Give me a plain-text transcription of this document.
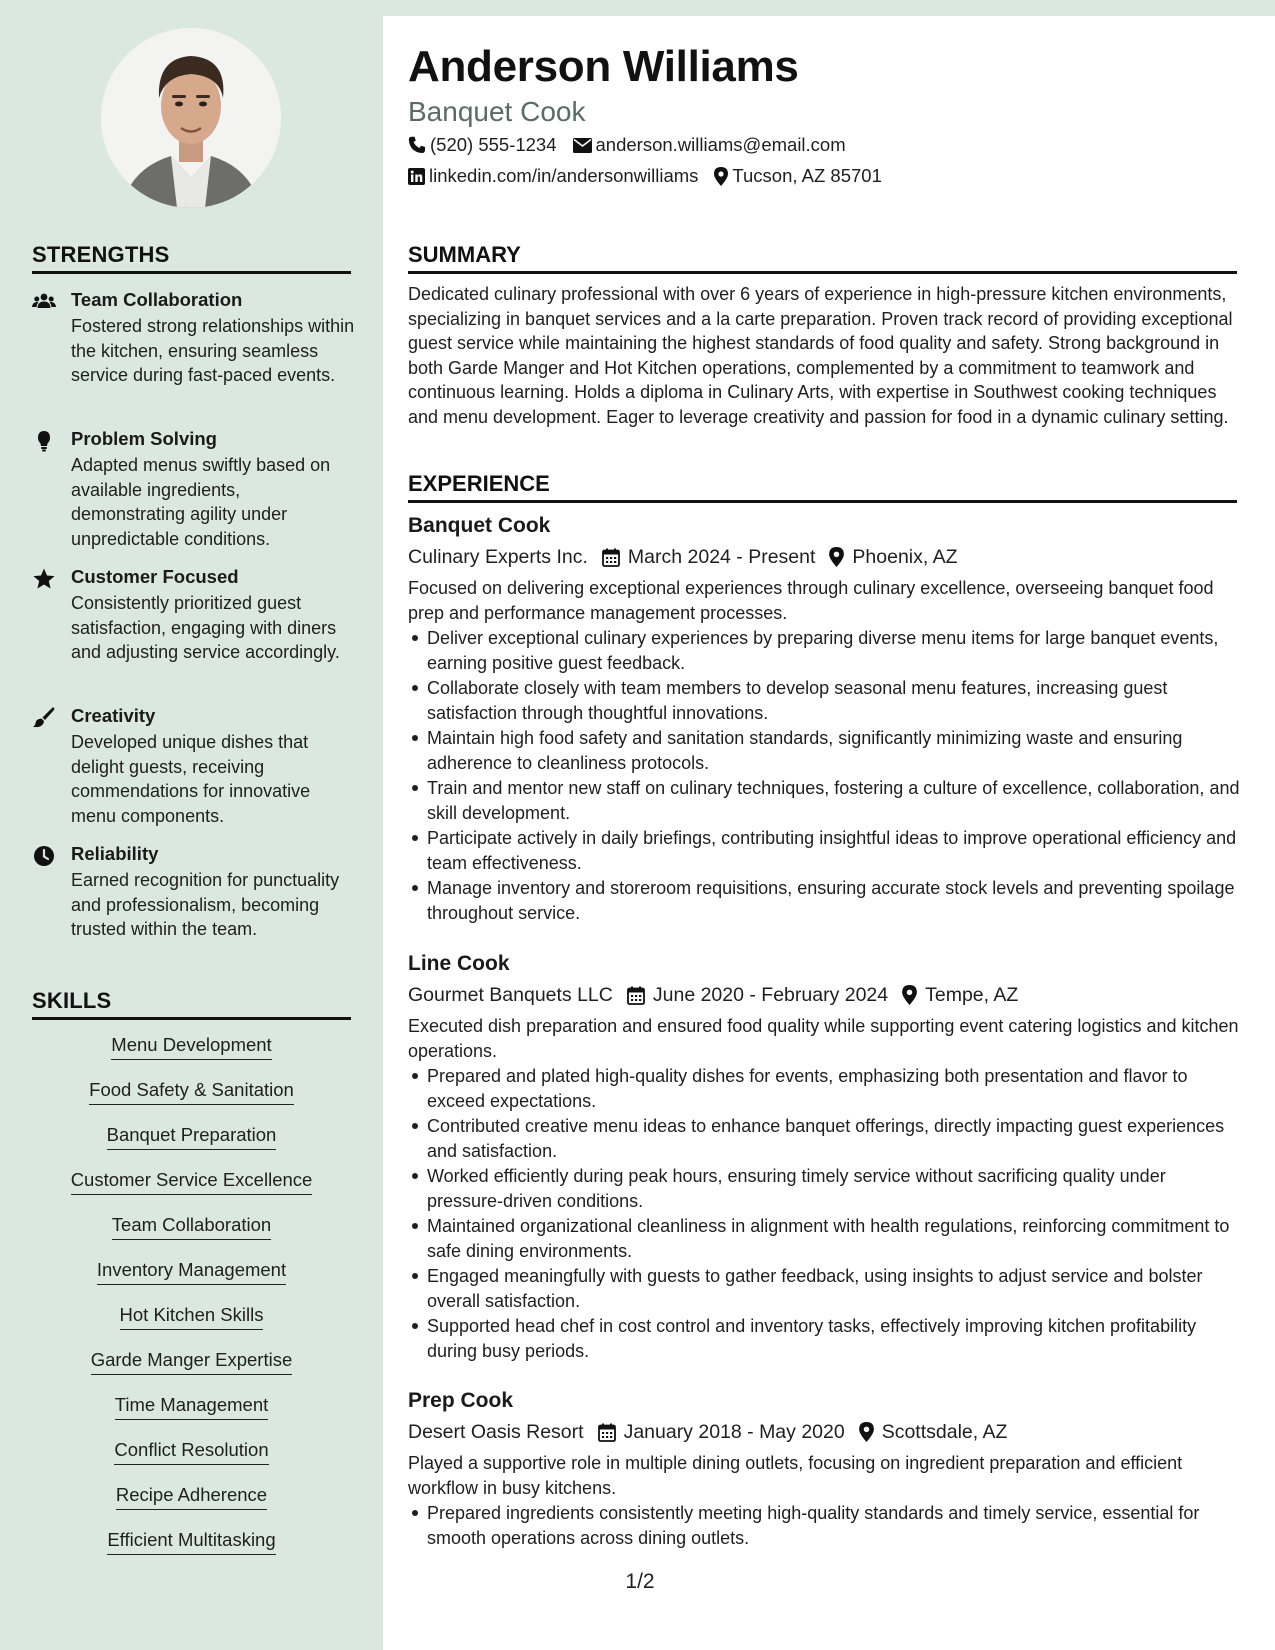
STRENGTHS
Team Collaboration
Fostered strong relationships within the kitchen, ensuring seamless service during fast-paced events.
Problem Solving
Adapted menus swiftly based on available ingredients, demonstrating agility under unpredictable conditions.
Customer Focused
Consistently prioritized guest satisfaction, engaging with diners and adjusting service accordingly.
Creativity
Developed unique dishes that delight guests, receiving commendations for innovative menu components.
Reliability
Earned recognition for punctuality and professionalism, becoming trusted within the team.
SKILLS
Menu Development
Food Safety & Sanitation
Banquet Preparation
Customer Service Excellence
Team Collaboration
Inventory Management
Hot Kitchen Skills
Garde Manger Expertise
Time Management
Conflict Resolution
Recipe Adherence
Efficient Multitasking
Anderson Williams
Banquet Cook
(520) 555-1234 anderson.williams@email.com
linkedin.com/in/andersonwilliams Tucson, AZ 85701
SUMMARY
Dedicated culinary professional with over 6 years of experience in high-pressure kitchen environments, specializing in banquet services and a la carte preparation. Proven track record of providing exceptional guest service while maintaining the highest standards of food quality and safety. Strong background in both Garde Manger and Hot Kitchen operations, complemented by a commitment to teamwork and continuous learning. Holds a diploma in Culinary Arts, with expertise in Southwest cooking techniques and menu development. Eager to leverage creativity and passion for food in a dynamic culinary setting.
EXPERIENCE
Banquet Cook
Culinary Experts Inc. March 2024 - Present Phoenix, AZ
Focused on delivering exceptional experiences through culinary excellence, overseeing banquet food prep and performance management processes.
Deliver exceptional culinary experiences by preparing diverse menu items for large banquet events, earning positive guest feedback.
Collaborate closely with team members to develop seasonal menu features, increasing guest satisfaction through thoughtful innovations.
Maintain high food safety and sanitation standards, significantly minimizing waste and ensuring adherence to cleanliness protocols.
Train and mentor new staff on culinary techniques, fostering a culture of excellence, collaboration, and skill development.
Participate actively in daily briefings, contributing insightful ideas to improve operational efficiency and team effectiveness.
Manage inventory and storeroom requisitions, ensuring accurate stock levels and preventing spoilage throughout service.
Line Cook
Gourmet Banquets LLC June 2020 - February 2024 Tempe, AZ
Executed dish preparation and ensured food quality while supporting event catering logistics and kitchen operations.
Prepared and plated high-quality dishes for events, emphasizing both presentation and flavor to exceed expectations.
Contributed creative menu ideas to enhance banquet offerings, directly impacting guest experiences and satisfaction.
Worked efficiently during peak hours, ensuring timely service without sacrificing quality under pressure-driven conditions.
Maintained organizational cleanliness in alignment with health regulations, reinforcing commitment to safe dining environments.
Engaged meaningfully with guests to gather feedback, using insights to adjust service and bolster overall satisfaction.
Supported head chef in cost control and inventory tasks, effectively improving kitchen profitability during busy periods.
Prep Cook
Desert Oasis Resort January 2018 - May 2020 Scottsdale, AZ
Played a supportive role in multiple dining outlets, focusing on ingredient preparation and efficient workflow in busy kitchens.
Prepared ingredients consistently meeting high-quality standards and timely service, essential for smooth operations across dining outlets.
1/2
